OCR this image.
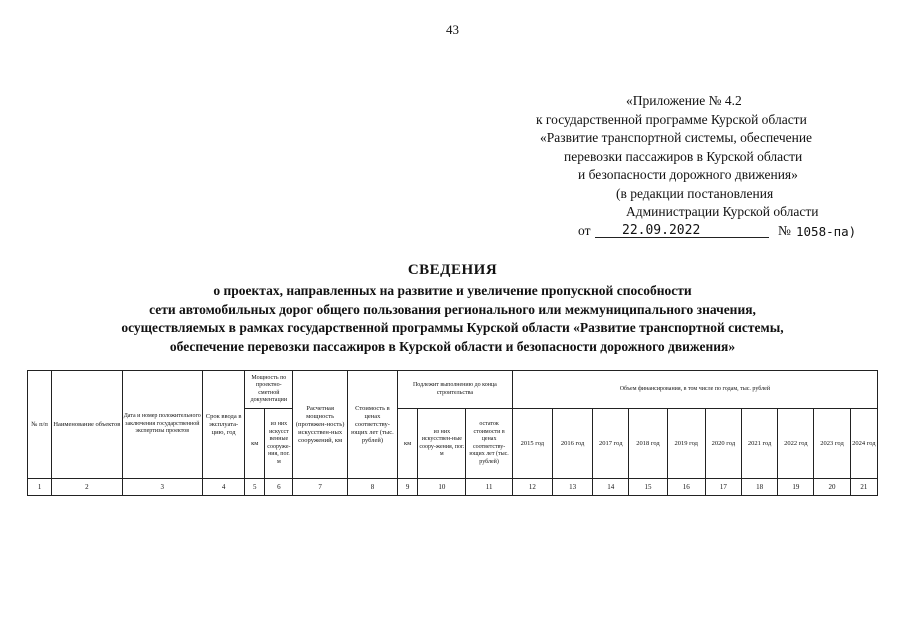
43
«Приложение № 4.2
к государственной программе Курской области
«Развитие транспортной системы, обеспечение
перевозки пассажиров в Курской области
и безопасности дорожного движения»
(в редакции постановления
Администрации Курской области
от 22.09.2022	№ 1058-па)
СВЕДЕНИЯ
о проектах, направленных на развитие и увеличение пропускной способности
сети автомобильных дорог общего пользования регионального или межмуниципального значения,
осуществляемых в рамках государственной программы Курской области «Развитие транспортной системы,
обеспечение перевозки пассажиров в Курской области и безопасности дорожного движения»
№ п/п	Наименование объектов	Дата и номер положительного заключения государственной экспертизы проектов	Срок ввода в эксплуата-цию, год	Мощность по проектно-сметной документации		Расчетная мощность (протяжен-ность) искусствен-ных сооружений, км	Стоимость в ценах соответству-ющих лет (тыс. рублей)	Подлежит выполнению до конца строительства			Объем финансирования, в том числе по годам, тыс. рублей									
				км	из них искусст венные сооруже-ния, пог. м			км	из них искусствен-ные соору-жения, пог. м	остаток стоимости в ценах соответству-ющих лет (тыс. рублей)	2015 год	2016 год	2017 год	2018 год	2019 год	2020 год	2021 год	2022 год	2023 год	2024 год
1	2	3	4	5	6	7	8	9	10	11	12	13	14	15	16	17	18	19	20	21
